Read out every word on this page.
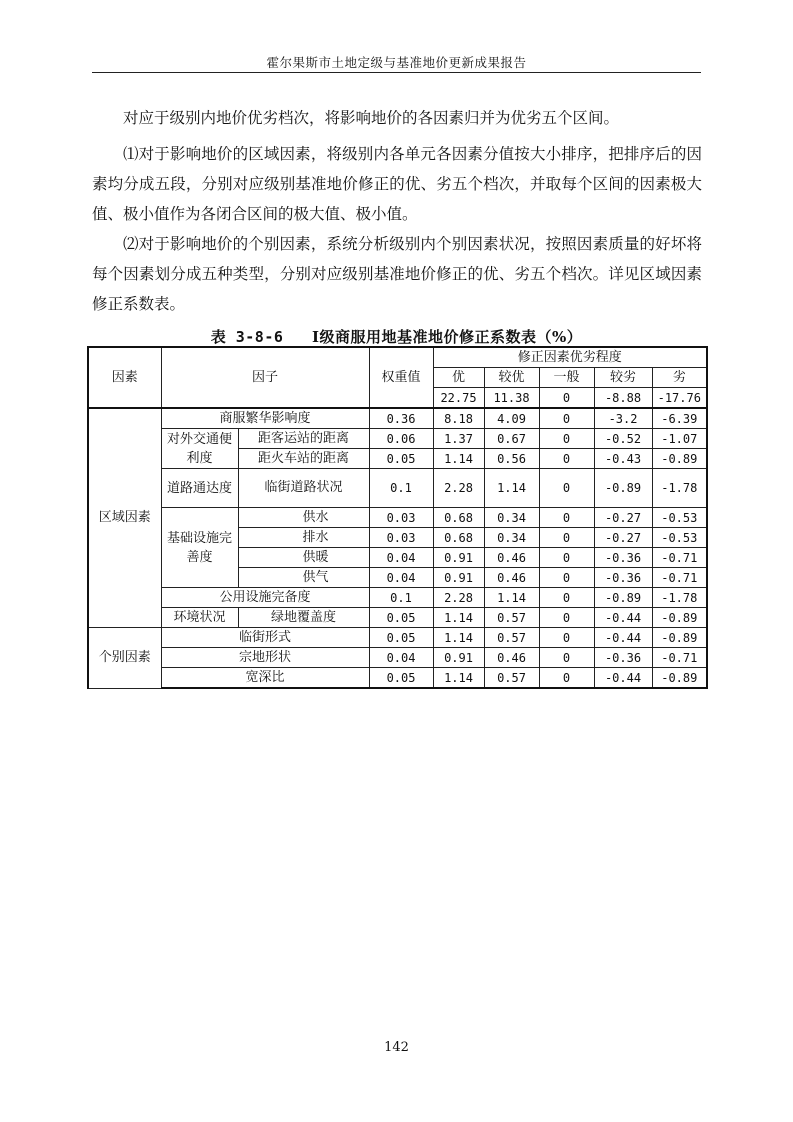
霍尔果斯市土地定级与基准地价更新成果报告

对应于级别内地价优劣档次，将影响地价的各因素归并为优劣五个区间。

⑴对于影响地价的区域因素，将级别内各单元各因素分值按大小排序，把排序后的因素均分成五段，分别对应级别基准地价修正的优、劣五个档次，并取每个区间的因素极大值、极小值作为各闭合区间的极大值、极小值。

⑵对于影响地价的个别因素，系统分析级别内个别因素状况，按照因素质量的好坏将每个因素划分成五种类型，分别对应级别基准地价修正的优、劣五个档次。详见区域因素修正系数表。

表 3-8-6 Ⅰ级商服用地基准地价修正系数表（%）
因素	因子		权重值	修正因素优劣程度				
				优	较优	一般	较劣	劣
				22.75	11.38	0	-8.88	-17.76
区域因素	商服繁华影响度		0.36	8.18	4.09	0	-3.2	-6.39
	对外交通便利度	距客运站的距离	0.06	1.37	0.67	0	-0.52	-1.07
		距火车站的距离	0.05	1.14	0.56	0	-0.43	-0.89
	道路通达度	临街道路状况	0.1	2.28	1.14	0	-0.89	-1.78
	基础设施完善度	供水	0.03	0.68	0.34	0	-0.27	-0.53
		排水	0.03	0.68	0.34	0	-0.27	-0.53
		供暖	0.04	0.91	0.46	0	-0.36	-0.71
		供气	0.04	0.91	0.46	0	-0.36	-0.71
	公用设施完备度		0.1	2.28	1.14	0	-0.89	-1.78
	环境状况	绿地覆盖度	0.05	1.14	0.57	0	-0.44	-0.89
个别因素	临街形式		0.05	1.14	0.57	0	-0.44	-0.89
	宗地形状		0.04	0.91	0.46	0	-0.36	-0.71
	宽深比		0.05	1.14	0.57	0	-0.44	-0.89
142
